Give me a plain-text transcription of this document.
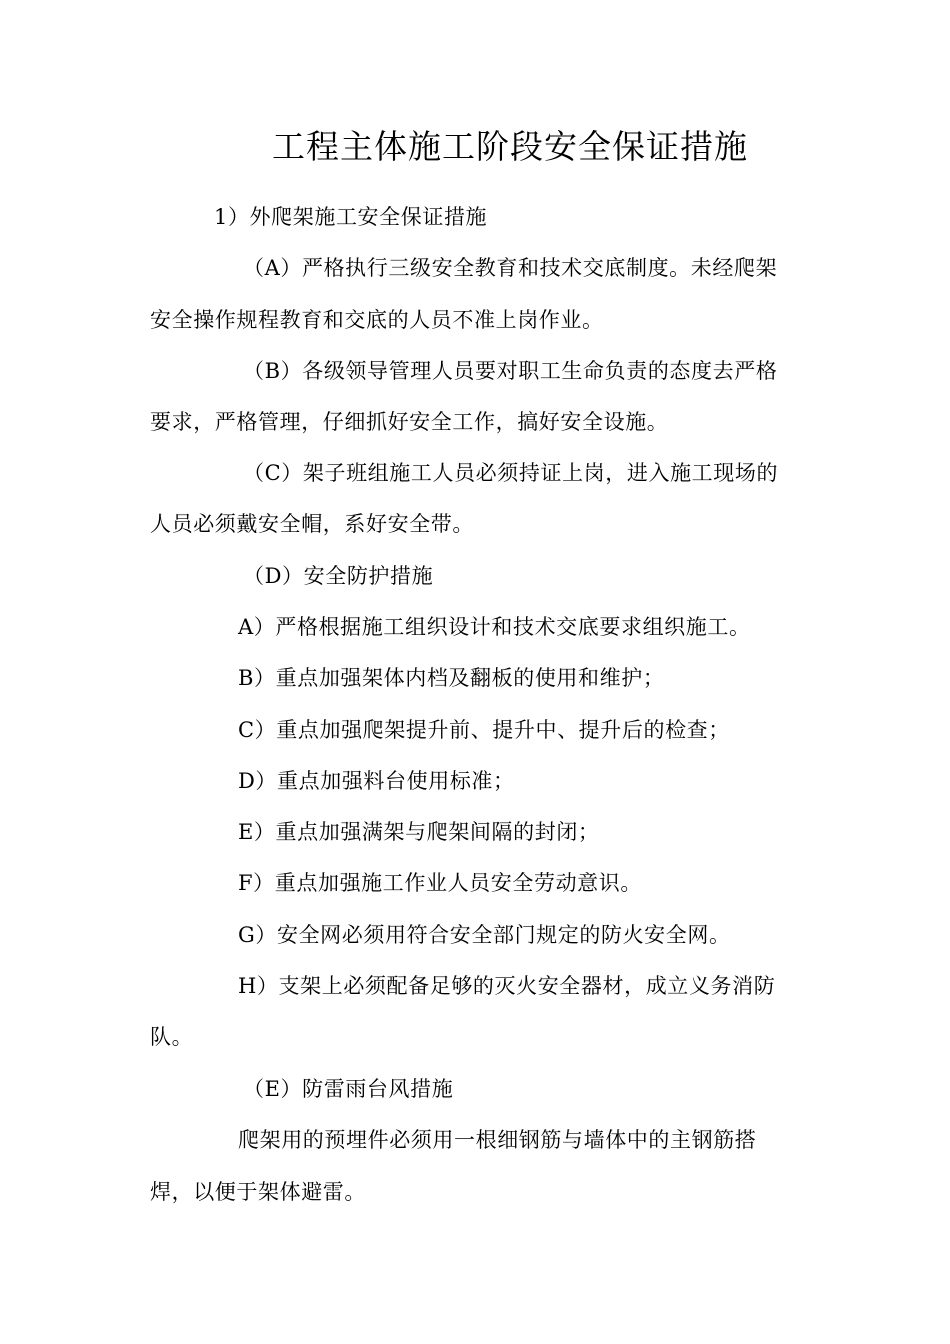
工程主体施工阶段安全保证措施
1）外爬架施工安全保证措施
（A）严格执行三级安全教育和技术交底制度。未经爬架
安全操作规程教育和交底的人员不准上岗作业。
（B）各级领导管理人员要对职工生命负责的态度去严格
要求，严格管理，仔细抓好安全工作，搞好安全设施。
（C）架子班组施工人员必须持证上岗，进入施工现场的
人员必须戴安全帽，系好安全带。
（D）安全防护措施
A）严格根据施工组织设计和技术交底要求组织施工。
B）重点加强架体内档及翻板的使用和维护；
C）重点加强爬架提升前、提升中、提升后的检查；
D）重点加强料台使用标准；
E）重点加强满架与爬架间隔的封闭；
F）重点加强施工作业人员安全劳动意识。
G）安全网必须用符合安全部门规定的防火安全网。
H）支架上必须配备足够的灭火安全器材，成立义务消防
队。
（E）防雷雨台风措施
爬架用的预埋件必须用一根细钢筋与墙体中的主钢筋搭
焊，以便于架体避雷。
